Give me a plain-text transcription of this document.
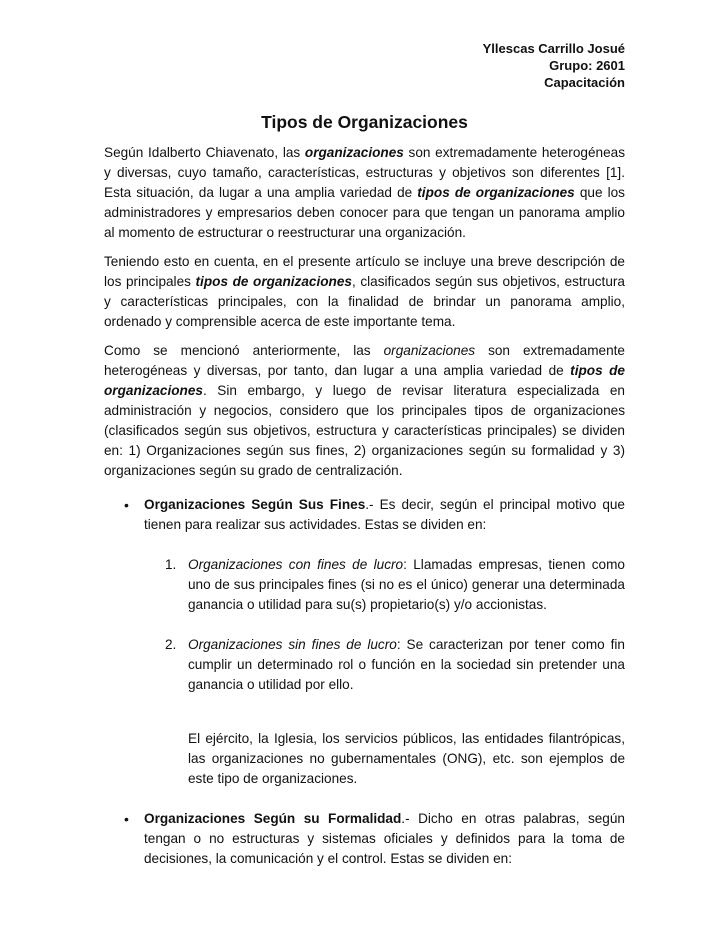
Yllescas Carrillo Josué
Grupo: 2601
Capacitación
Tipos de Organizaciones

Según Idalberto Chiavenato, las organizaciones son extremadamente heterogéneas y diversas, cuyo tamaño, características, estructuras y objetivos son diferentes [1]. Esta situación, da lugar a una amplia variedad de tipos de organizaciones que los administradores y empresarios deben conocer para que tengan un panorama amplio al momento de estructurar o reestructurar una organización.

Teniendo esto en cuenta, en el presente artículo se incluye una breve descripción de los principales tipos de organizaciones, clasificados según sus objetivos, estructura y características principales, con la finalidad de brindar un panorama amplio, ordenado y comprensible acerca de este importante tema.

Como se mencionó anteriormente, las organizaciones son extremadamente heterogéneas y diversas, por tanto, dan lugar a una amplia variedad de tipos de organizaciones. Sin embargo, y luego de revisar literatura especializada en administración y negocios, considero que los principales tipos de organizaciones (clasificados según sus objetivos, estructura y características principales) se dividen en: 1) Organizaciones según sus fines, 2) organizaciones según su formalidad y 3) organizaciones según su grado de centralización.

• Organizaciones Según Sus Fines.- Es decir, según el principal motivo que tienen para realizar sus actividades. Estas se dividen en:

1. Organizaciones con fines de lucro: Llamadas empresas, tienen como uno de sus principales fines (si no es el único) generar una determinada ganancia o utilidad para su(s) propietario(s) y/o accionistas.

2. Organizaciones sin fines de lucro: Se caracterizan por tener como fin cumplir un determinado rol o función en la sociedad sin pretender una ganancia o utilidad por ello.

El ejército, la Iglesia, los servicios públicos, las entidades filantrópicas, las organizaciones no gubernamentales (ONG), etc. son ejemplos de este tipo de organizaciones.

• Organizaciones Según su Formalidad.- Dicho en otras palabras, según tengan o no estructuras y sistemas oficiales y definidos para la toma de decisiones, la comunicación y el control. Estas se dividen en:
